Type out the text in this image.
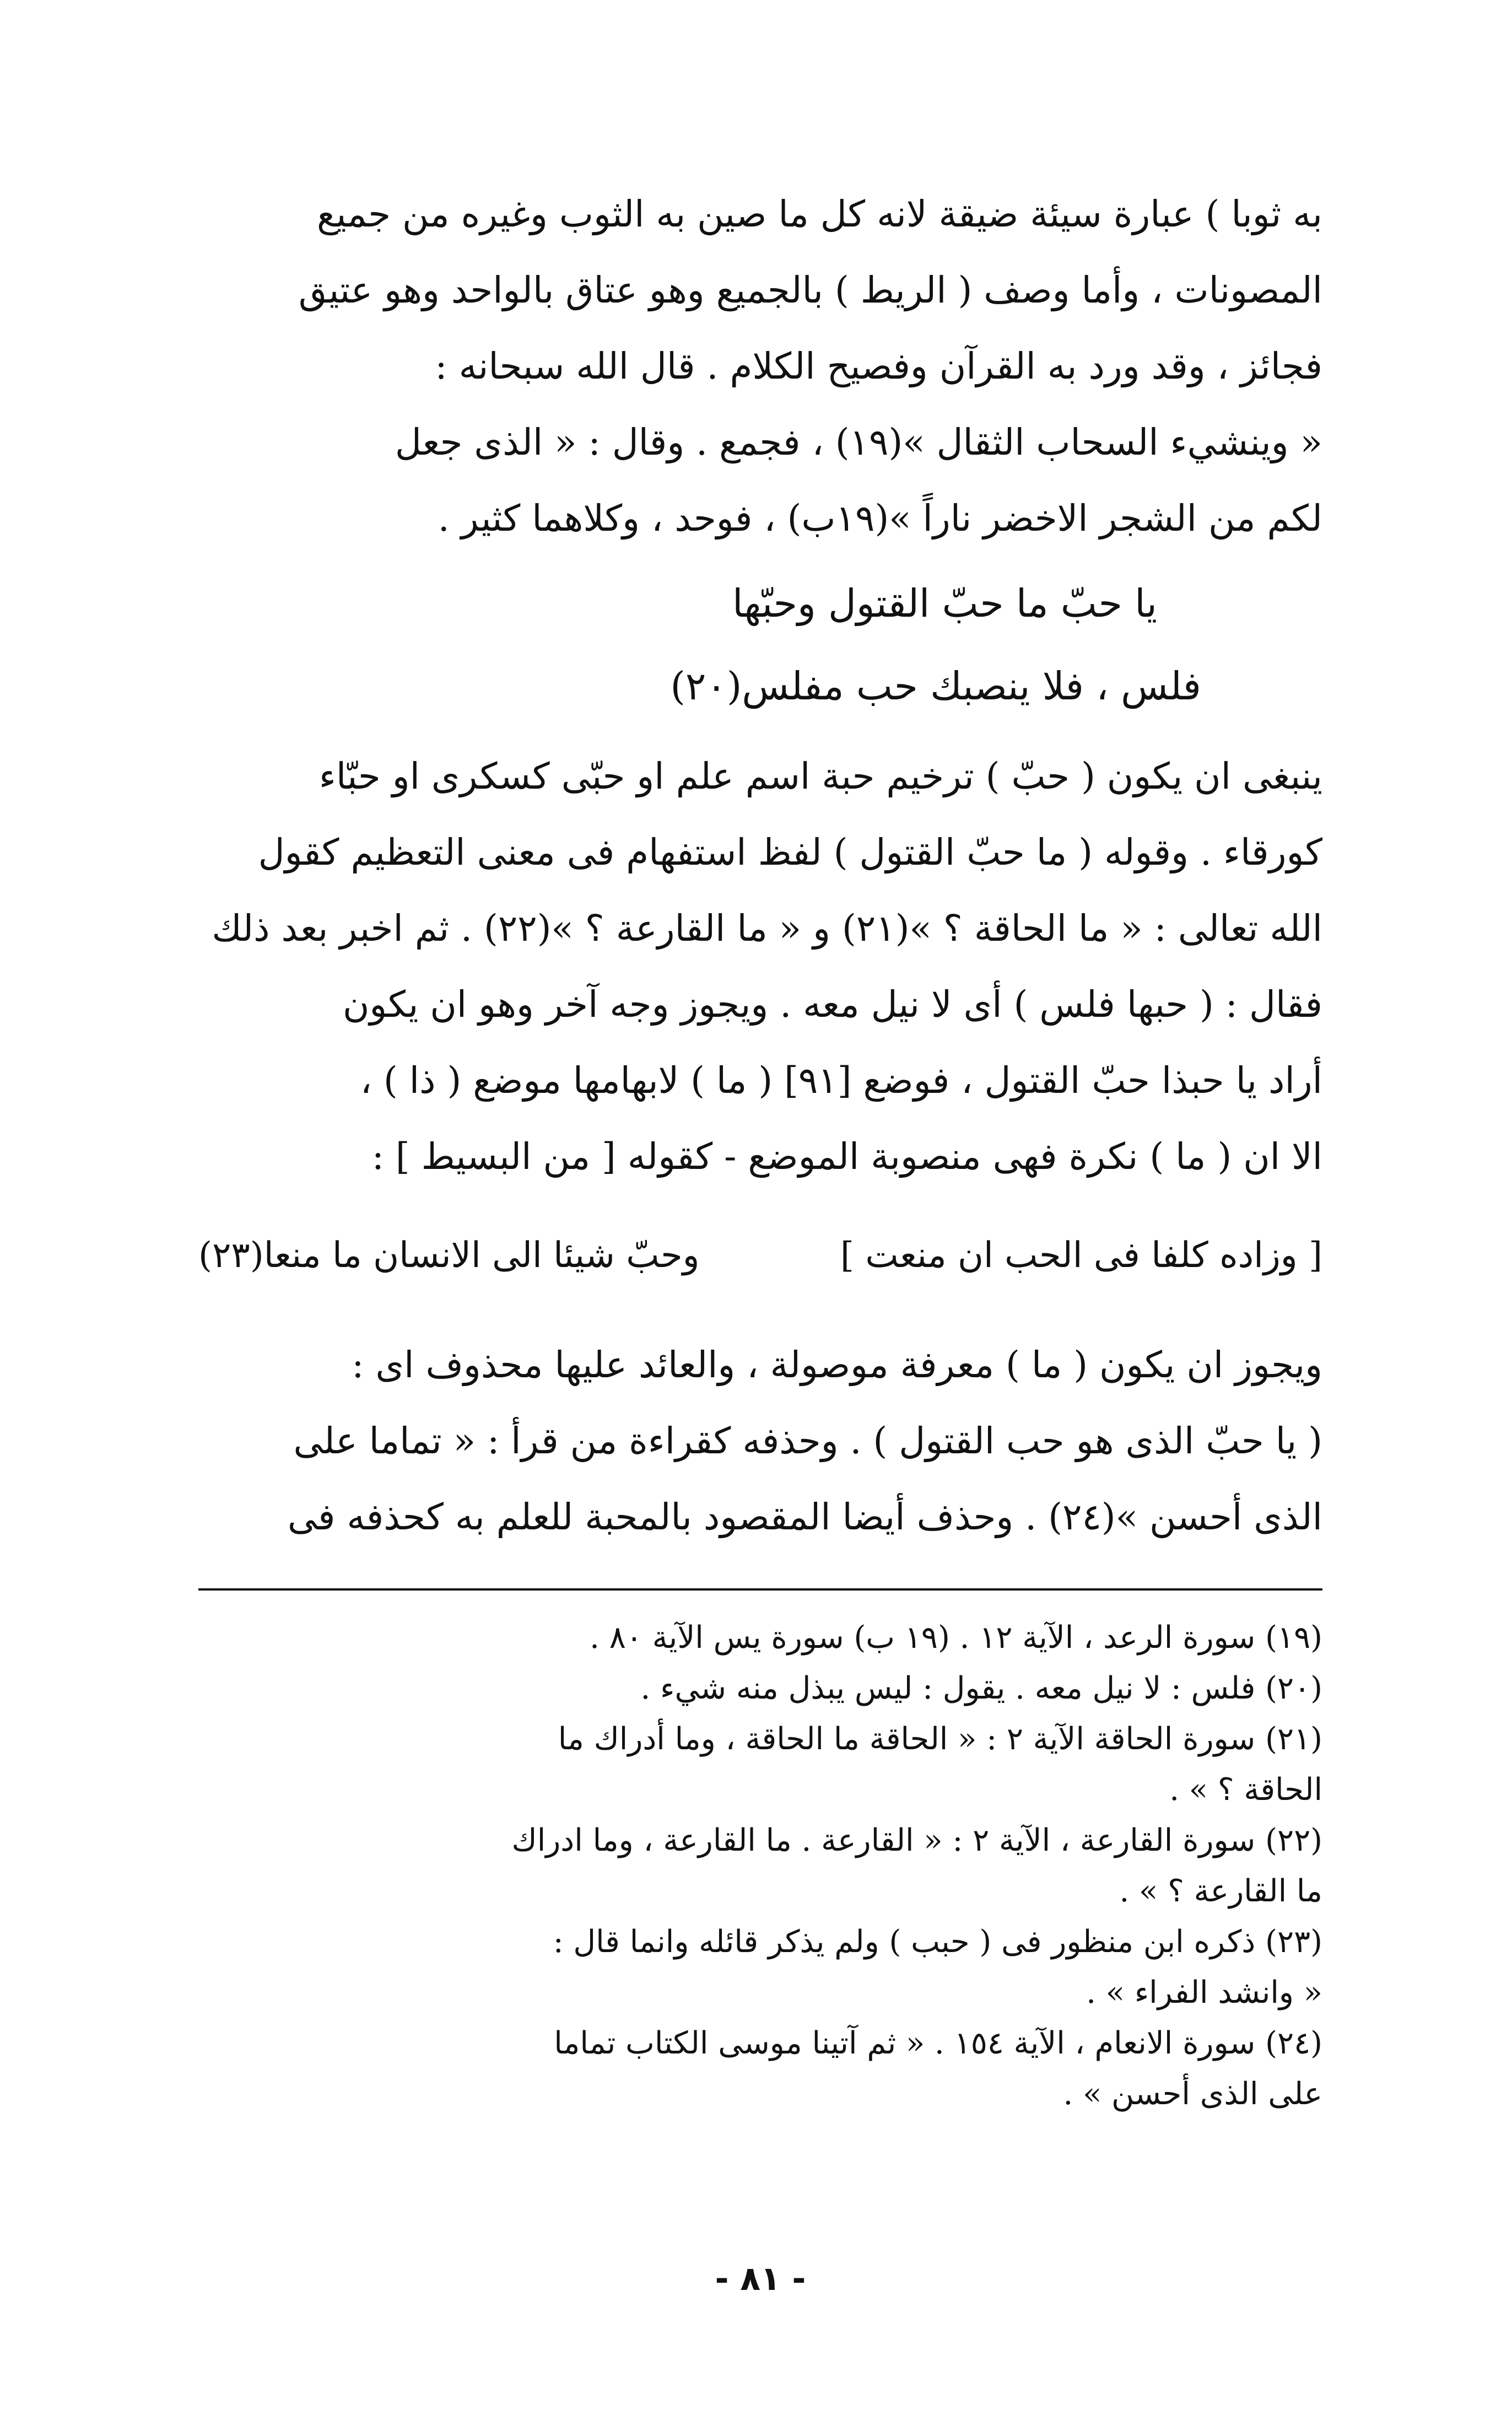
به ثوبا ) عبارة سيئة ضيقة لانه كل ما صين به الثوب وغيره من جميع
المصونات ، وأما وصف ( الريط ) بالجميع وهو عتاق بالواحد وهو عتيق
فجائز ، وقد ورد به القرآن وفصيح الكلام . قال الله سبحانه :
« وينشيء السحاب الثقال »(١٩) ، فجمع . وقال : « الذى جعل
لكم من الشجر الاخضر ناراً »(١٩ب) ، فوحد ، وكلاهما كثير .
يا حبّ ما حبّ القتول وحبّها
فلس ، فلا ينصبك حب مفلس(٢٠)
ينبغى ان يكون ( حبّ ) ترخيم حبة اسم علم او حبّى كسكرى او حبّاء
كورقاء . وقوله ( ما حبّ القتول ) لفظ استفهام فى معنى التعظيم كقول
الله تعالى : « ما الحاقة ؟ »(٢١) و « ما القارعة ؟ »(٢٢) . ثم اخبر بعد ذلك
فقال : ( حبها فلس ) أى لا نيل معه . ويجوز وجه آخر وهو ان يكون
أراد يا حبذا حبّ القتول ، فوضع [٩١] ( ما ) لابهامها موضع ( ذا ) ،
الا ان ( ما ) نكرة فهى منصوبة الموضع - كقوله [ من البسيط ] :
[ وزاده كلفا فى الحب ان منعت ]
وحبّ شيئا الى الانسان ما منعا(٢٣)
ويجوز ان يكون ( ما ) معرفة موصولة ، والعائد عليها محذوف اى :
( يا حبّ الذى هو حب القتول ) . وحذفه كقراءة من قرأ : « تماما على
الذى أحسن »(٢٤) . وحذف أيضا المقصود بالمحبة للعلم به كحذفه فى
(١٩) سورة الرعد ، الآية ١٢ . (١٩ ب) سورة يس الآية ٨٠ .
(٢٠) فلس : لا نيل معه . يقول : ليس يبذل منه شيء .
(٢١) سورة الحاقة الآية ٢ : « الحاقة ما الحاقة ، وما أدراك ما
الحاقة ؟ » .
(٢٢) سورة القارعة ، الآية ٢ : « القارعة . ما القارعة ، وما ادراك
ما القارعة ؟ » .
(٢٣) ذكره ابن منظور فى ( حبب ) ولم يذكر قائله وانما قال :
« وانشد الفراء » .
(٢٤) سورة الانعام ، الآية ١٥٤ . « ثم آتينا موسى الكتاب تماما
على الذى أحسن » .
- ٨١ -
